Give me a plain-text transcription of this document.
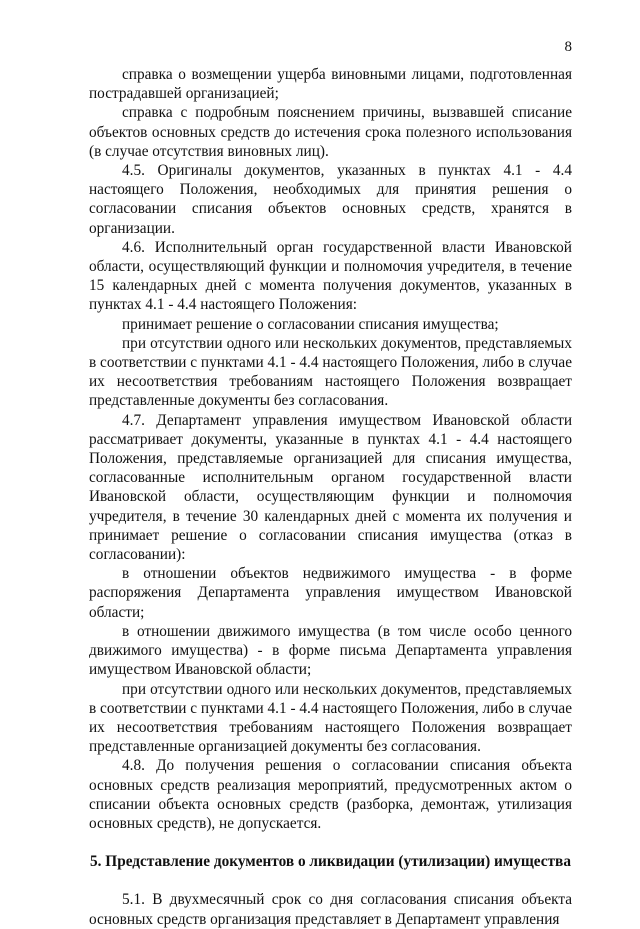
8

справка о возмещении ущерба виновными лицами, подготовленная пострадавшей организацией;

справка с подробным пояснением причины, вызвавшей списание объектов основных средств до истечения срока полезного использования (в случае отсутствия виновных лиц).

4.5. Оригиналы документов, указанных в пунктах 4.1 - 4.4 настоящего Положения, необходимых для принятия решения о согласовании списания объектов основных средств, хранятся в организации.

4.6. Исполнительный орган государственной власти Ивановской области, осуществляющий функции и полномочия учредителя, в течение 15 календарных дней с момента получения документов, указанных в пунктах 4.1 - 4.4 настоящего Положения:

принимает решение о согласовании списания имущества;

при отсутствии одного или нескольких документов, представляемых в соответствии с пунктами 4.1 - 4.4 настоящего Положения, либо в случае их несоответствия требованиям настоящего Положения возвращает представленные документы без согласования.

4.7. Департамент управления имуществом Ивановской области рассматривает документы, указанные в пунктах 4.1 - 4.4 настоящего Положения, представляемые организацией для списания имущества, согласованные исполнительным органом государственной власти Ивановской области, осуществляющим функции и полномочия учредителя, в течение 30 календарных дней с момента их получения и принимает решение о согласовании списания имущества (отказ в согласовании):

в отношении объектов недвижимого имущества - в форме распоряжения Департамента управления имуществом Ивановской области;

в отношении движимого имущества (в том числе особо ценного движимого имущества) - в форме письма Департамента управления имуществом Ивановской области;

при отсутствии одного или нескольких документов, представляемых в соответствии с пунктами 4.1 - 4.4 настоящего Положения, либо в случае их несоответствия требованиям настоящего Положения возвращает представленные организацией документы без согласования.

4.8. До получения решения о согласовании списания объекта основных средств реализация мероприятий, предусмотренных актом о списании объекта основных средств (разборка, демонтаж, утилизация основных средств), не допускается.

5. Представление документов о ликвидации (утилизации) имущества

5.1. В двухмесячный срок со дня согласования списания объекта основных средств организация представляет в Департамент управления
